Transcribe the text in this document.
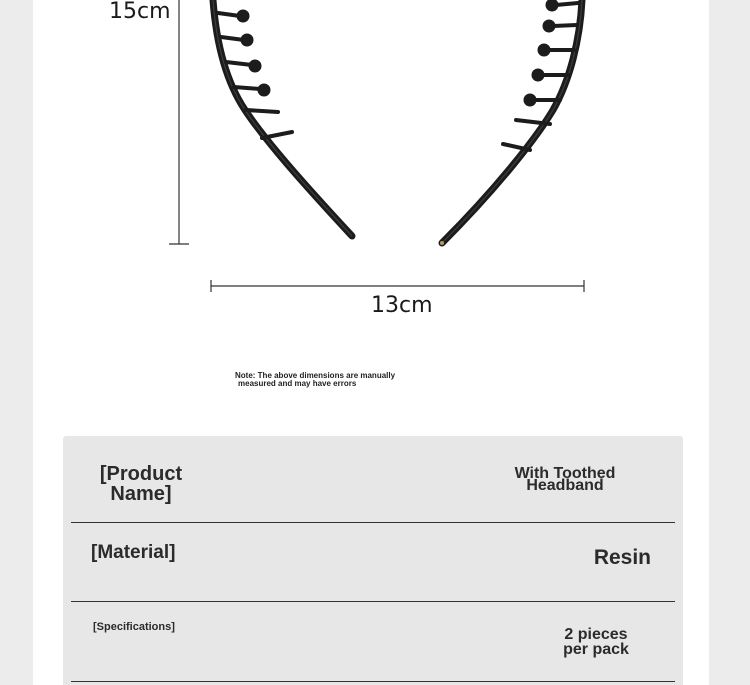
15cm
13cm
Note: The above dimensions are manually
measured and may have errors
[Product
Name]
With Toothed
Headband
[Material]	Resin
[Specifications]	2 pieces
per pack
